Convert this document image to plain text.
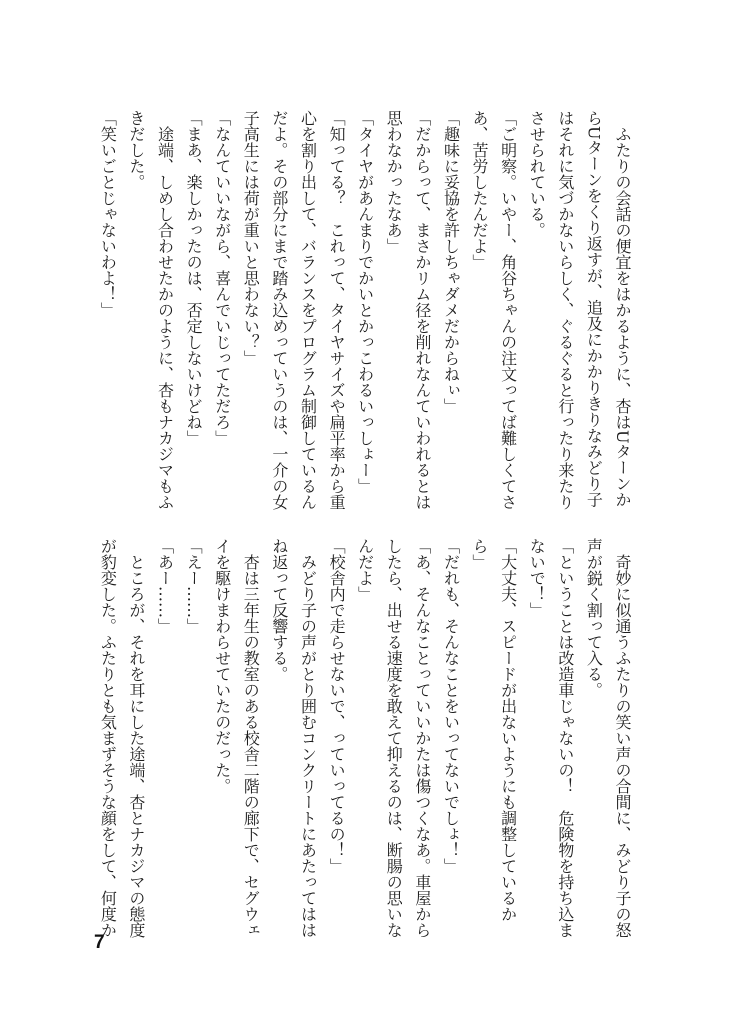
　ふたりの会話の便宜をはかるように、杏はUターンか
らUターンをくり返すが、追及にかかりきりなみどり子
はそれに気づかないらしく、ぐるぐると行ったり来たり
させられている。
「ご明察。いやー、角谷ちゃんの注文ってば難しくてさ
あ、苦労したんだよ」
「趣味に妥協を許しちゃダメだからねぃ」
「だからって、まさかリム径を削れなんていわれるとは
思わなかったなあ」
「タイヤがあんまりでかいとかっこわるいっしょー」
「知ってる？　これって、タイヤサイズや扁平率から重
心を割り出して、バランスをプログラム制御しているん
だよ。その部分にまで踏み込めっていうのは、一介の女
子高生には荷が重いと思わない？」
「なんていいながら、喜んでいじってただろ」
「まあ、楽しかったのは、否定しないけどね」
　途端、しめし合わせたかのように、杏もナカジマもふ
きだした。
「笑いごとじゃないわよ！」
　奇妙に似通うふたりの笑い声の合間に、みどり子の怒
声が鋭く割って入る。
「ということは改造車じゃないの！　危険物を持ち込ま
ないで！」
「大丈夫、スピードが出ないようにも調整しているか
ら」
「だれも、そんなことをいってないでしょ！」
「あ、そんなことっていいかたは傷つくなあ。車屋から
したら、出せる速度を敢えて抑えるのは、断腸の思いな
んだよ」
「校舎内で走らせないで、っていってるの！」
　みどり子の声がとり囲むコンクリートにあたってはは
ね返って反響する。
　杏は三年生の教室のある校舎二階の廊下で、セグウェ
イを駆けまわらせていたのだった。
「えー……」
「あー……」
　ところが、それを耳にした途端、杏とナカジマの態度
が豹変した。ふたりとも気まずそうな顔をして、何度か
7
